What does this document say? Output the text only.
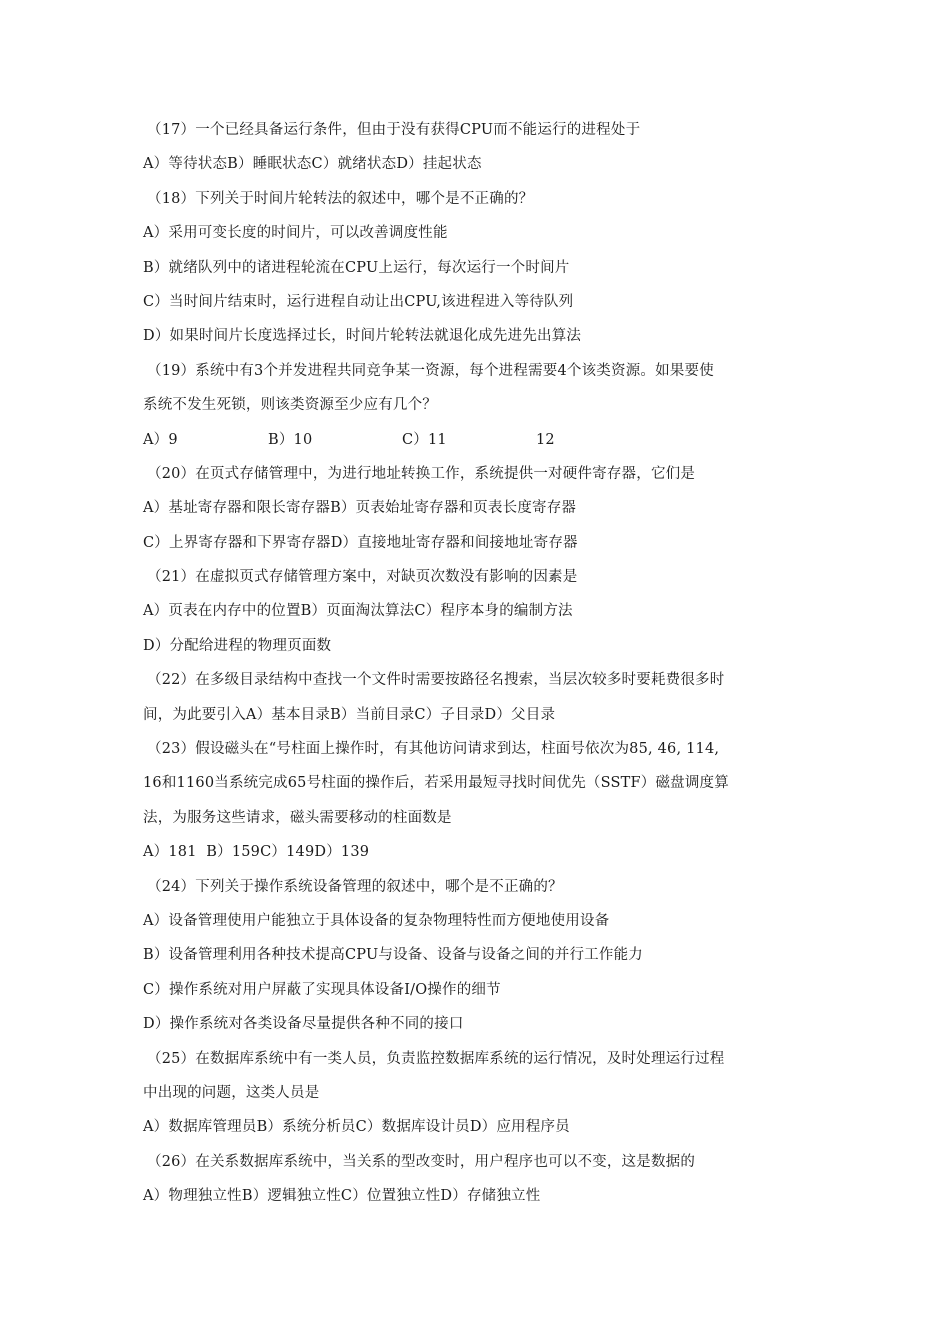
（17）一个已经具备运行条件，但由于没有获得CPU而不能运行的进程处于
A）等待状态B）睡眠状态C）就绪状态D）挂起状态
（18）下列关于时间片轮转法的叙述中，哪个是不正确的？
A）采用可变长度的时间片，可以改善调度性能
B）就绪队列中的诸进程轮流在CPU上运行，每次运行一个时间片
C）当时间片结束时，运行进程自动让出CPU,该进程进入等待队列
D）如果时间片长度选择过长，时间片轮转法就退化成先进先出算法
（19）系统中有3个并发进程共同竞争某一资源，每个进程需要4个该类资源。如果要使
系统不发生死锁，则该类资源至少应有几个？
A）9	B）10	C）11	12
（20）在页式存储管理中，为进行地址转换工作，系统提供一对硬件寄存器，它们是
A）基址寄存器和限长寄存器B）页表始址寄存器和页表长度寄存器
C）上界寄存器和下界寄存器D）直接地址寄存器和间接地址寄存器
（21）在虚拟页式存储管理方案中，对缺页次数没有影响的因素是
A）页表在内存中的位置B）页面淘汰算法C）程序本身的编制方法
D）分配给进程的物理页面数
（22）在多级目录结构中查找一个文件时需要按路径名搜索，当层次较多时要耗费很多时
间，为此要引入A）基本目录B）当前目录C）子目录D）父目录
（23）假设磁头在“号柱面上操作时，有其他访问请求到达，柱面号依次为85, 46, 114,
16和1160当系统完成65号柱面的操作后，若采用最短寻找时间优先（SSTF）磁盘调度算
法，为服务这些请求，磁头需要移动的柱面数是
A）181  B）159C）149D）139
（24）下列关于操作系统设备管理的叙述中，哪个是不正确的？
A）设备管理使用户能独立于具体设备的复杂物理特性而方便地使用设备
B）设备管理利用各种技术提高CPU与设备、设备与设备之间的并行工作能力
C）操作系统对用户屏蔽了实现具体设备I/O操作的细节
D）操作系统对各类设备尽量提供各种不同的接口
（25）在数据库系统中有一类人员，负责监控数据库系统的运行情况，及时处理运行过程
中出现的问题，这类人员是
A）数据库管理员B）系统分析员C）数据库设计员D）应用程序员
（26）在关系数据库系统中，当关系的型改变时，用户程序也可以不变，这是数据的
A）物理独立性B）逻辑独立性C）位置独立性D）存储独立性
